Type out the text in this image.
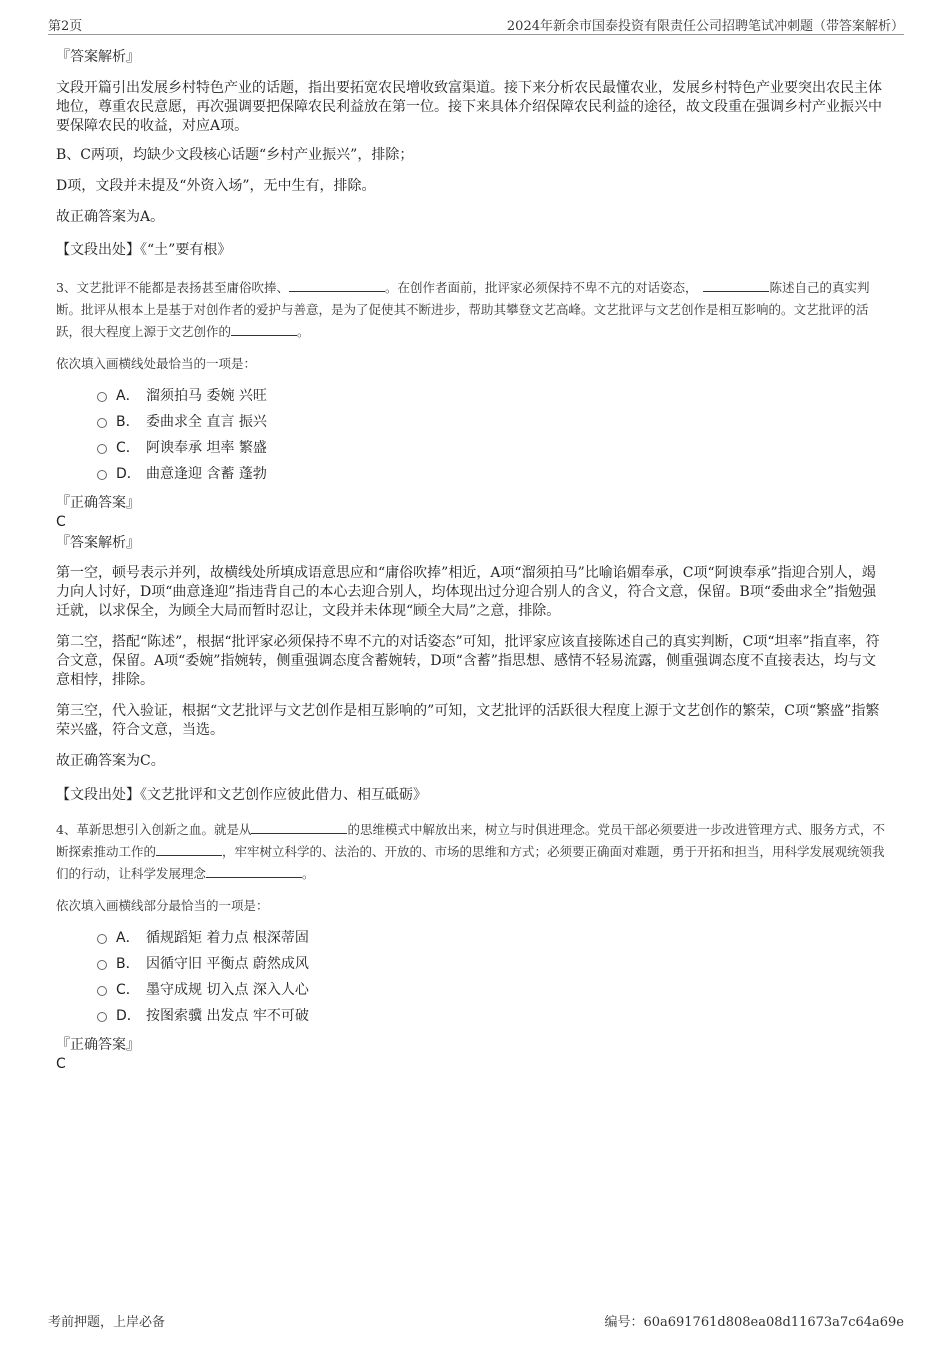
第2页	2024年新余市国泰投资有限责任公司招聘笔试冲刺题（带答案解析）

『答案解析』

文段开篇引出发展乡村特色产业的话题，指出要拓宽农民增收致富渠道。接下来分析农民最懂农业，发展乡村特色产业要突出农民主体地位，尊重农民意愿，再次强调要把保障农民利益放在第一位。接下来具体介绍保障农民利益的途径，故文段重在强调乡村产业振兴中要保障农民的收益，对应A项。

B、C两项，均缺少文段核心话题“乡村产业振兴”，排除；

D项，文段并未提及“外资入场”，无中生有，排除。

故正确答案为A。

【文段出处】《“土”要有根》

3、文艺批评不能都是表扬甚至庸俗吹捧、	。在创作者面前，批评家必须保持不卑不亢的对话姿态，	陈述自己的真实判断。批评从根本上是基于对创作者的爱护与善意，是为了促使其不断进步，帮助其攀登文艺高峰。文艺批评与文艺创作是相互影响的。文艺批评的活跃，很大程度上源于文艺创作的	。

依次填入画横线处最恰当的一项是：

A． 溜须拍马 委婉 兴旺
B． 委曲求全 直言 振兴
C． 阿谀奉承 坦率 繁盛
D． 曲意逢迎 含蓄 蓬勃

『正确答案』

C

『答案解析』

第一空，顿号表示并列，故横线处所填成语意思应和“庸俗吹捧”相近，A项“溜须拍马”比喻谄媚奉承，C项“阿谀奉承”指迎合别人，竭力向人讨好，D项“曲意逢迎”指违背自己的本心去迎合别人，均体现出过分迎合别人的含义，符合文意，保留。B项“委曲求全”指勉强迁就，以求保全，为顾全大局而暂时忍让，文段并未体现“顾全大局”之意，排除。

第二空，搭配“陈述”，根据“批评家必须保持不卑不亢的对话姿态”可知，批评家应该直接陈述自己的真实判断，C项“坦率”指直率，符合文意，保留。A项“委婉”指婉转，侧重强调态度含蓄婉转，D项“含蓄”指思想、感情不轻易流露，侧重强调态度不直接表达，均与文意相悖，排除。

第三空，代入验证，根据“文艺批评与文艺创作是相互影响的”可知，文艺批评的活跃很大程度上源于文艺创作的繁荣，C项“繁盛”指繁荣兴盛，符合文意，当选。

故正确答案为C。

【文段出处】《文艺批评和文艺创作应彼此借力、相互砥砺》

4、革新思想引入创新之血。就是从	的思维模式中解放出来，树立与时俱进理念。党员干部必须要进一步改进管理方式、服务方式，不断探索推动工作的	，牢牢树立科学的、法治的、开放的、市场的思维和方式；必须要正确面对难题，勇于开拓和担当，用科学发展观统领我们的行动，让科学发展理念	。

依次填入画横线部分最恰当的一项是：

A． 循规蹈矩 着力点 根深蒂固
B． 因循守旧 平衡点 蔚然成风
C． 墨守成规 切入点 深入人心
D． 按图索骥 出发点 牢不可破

『正确答案』

C

考前押题，上岸必备	编号：60a691761d808ea08d11673a7c64a69e
